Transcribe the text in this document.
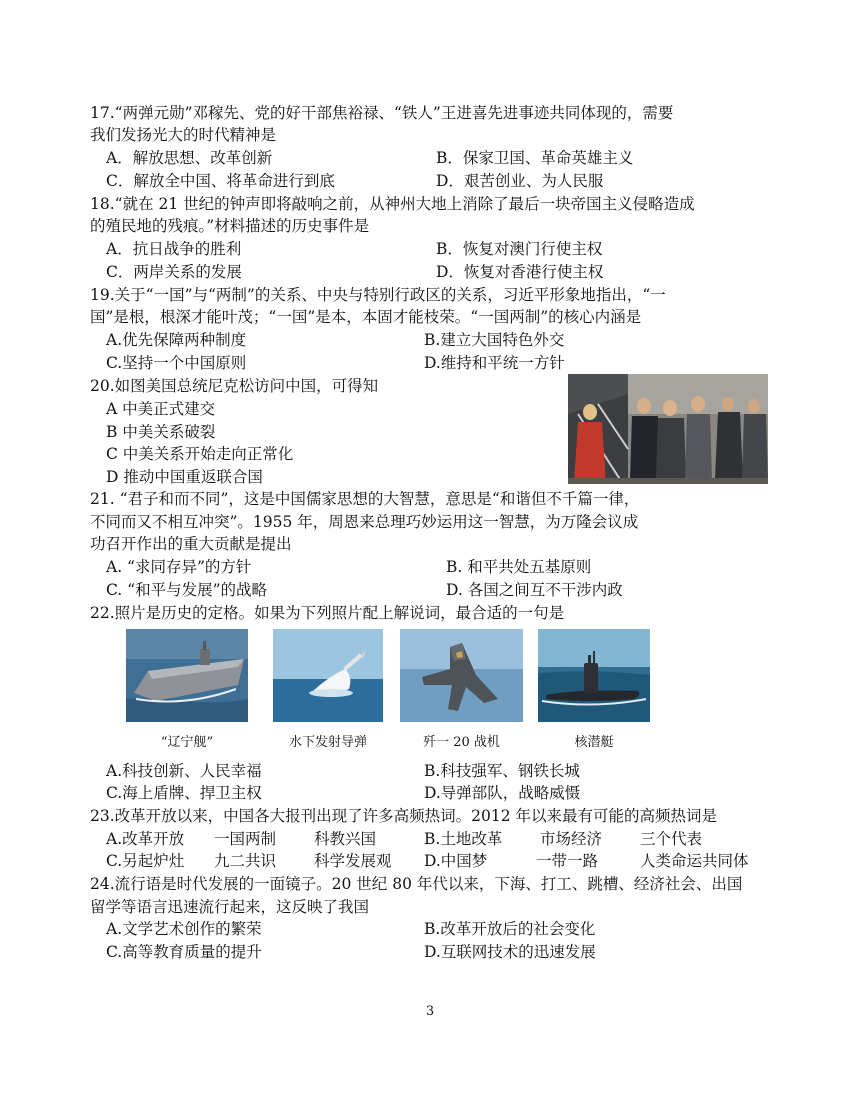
17.“两弹元勋”邓稼先、党的好干部焦裕禄、“铁人”王进喜先进事迹共同体现的，需要
我们发扬光大的时代精神是
A．解放思想、改革创新	B．保家卫国、革命英雄主义
C．解放全中国、将革命进行到底	D．艰苦创业、为人民服
18.“就在 21 世纪的钟声即将敲响之前，从神州大地上消除了最后一块帝国主义侵略造成
的殖民地的残痕。”材料描述的历史事件是
A．抗日战争的胜利	B．恢复对澳门行使主权
C．两岸关系的发展	D．恢复对香港行使主权
19.关于“一国”与“两制”的关系、中央与特别行政区的关系，习近平形象地指出，“一
国”是根，根深才能叶茂；“一国”是本，本固才能枝荣。“一国两制”的核心内涵是
A.优先保障两种制度	B.建立大国特色外交
C.坚持一个中国原则	D.维持和平统一方针
20.如图美国总统尼克松访问中国，可得知
A 中美正式建交
B 中美关系破裂
C 中美关系开始走向正常化
D 推动中国重返联合国
21. “君子和而不同”，这是中国儒家思想的大智慧，意思是“和谐但不千篇一律，
不同而又不相互冲突”。1955 年，周恩来总理巧妙运用这一智慧，为万隆会议成
功召开作出的重大贡献是提出
A. “求同存异”的方针	B. 和平共处五基原则
C. “和平与发展”的战略	D. 各国之间互不干涉内政
22.照片是历史的定格。如果为下列照片配上解说词，最合适的一句是
“辽宁舰”	水下发射导弹	歼一 20 战机	核潜艇
A.科技创新、人民幸福	B.科技强军、钢铁长城
C.海上盾牌、捍卫主权	D.导弹部队，战略威慑
23.改革开放以来，中国各大报刊出现了许多高频热词。2012 年以来最有可能的高频热词是
A.改革开放 一国两制 科教兴国	B.土地改革 市场经济 三个代表
C.另起炉灶 九二共识 科学发展观 D.中国梦	一带一路	人类命运共同体
24.流行语是时代发展的一面镜子。20 世纪 80 年代以来，下海、打工、跳槽、经济社会、出国
留学等语言迅速流行起来，这反映了我国
A.文学艺术创作的繁荣	B.改革开放后的社会变化
C.高等教育质量的提升	D.互联网技术的迅速发展
3
